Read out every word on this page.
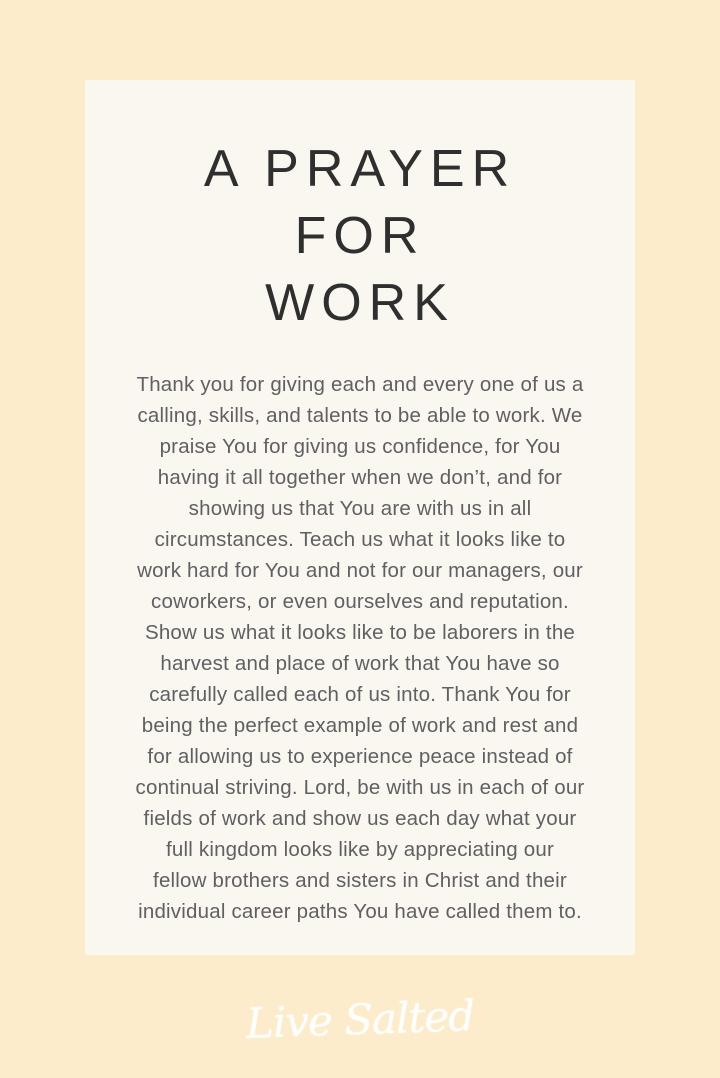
A PRAYER
FOR
WORK
Thank you for giving each and every one of us a
calling, skills, and talents to be able to work. We
praise You for giving us confidence, for You
having it all together when we don’t, and for
showing us that You are with us in all
circumstances. Teach us what it looks like to
work hard for You and not for our managers, our
coworkers, or even ourselves and reputation.
Show us what it looks like to be laborers in the
harvest and place of work that You have so
carefully called each of us into. Thank You for
being the perfect example of work and rest and
for allowing us to experience peace instead of
continual striving. Lord, be with us in each of our
fields of work and show us each day what your
full kingdom looks like by appreciating our
fellow brothers and sisters in Christ and their
individual career paths You have called them to.
Live Salted
